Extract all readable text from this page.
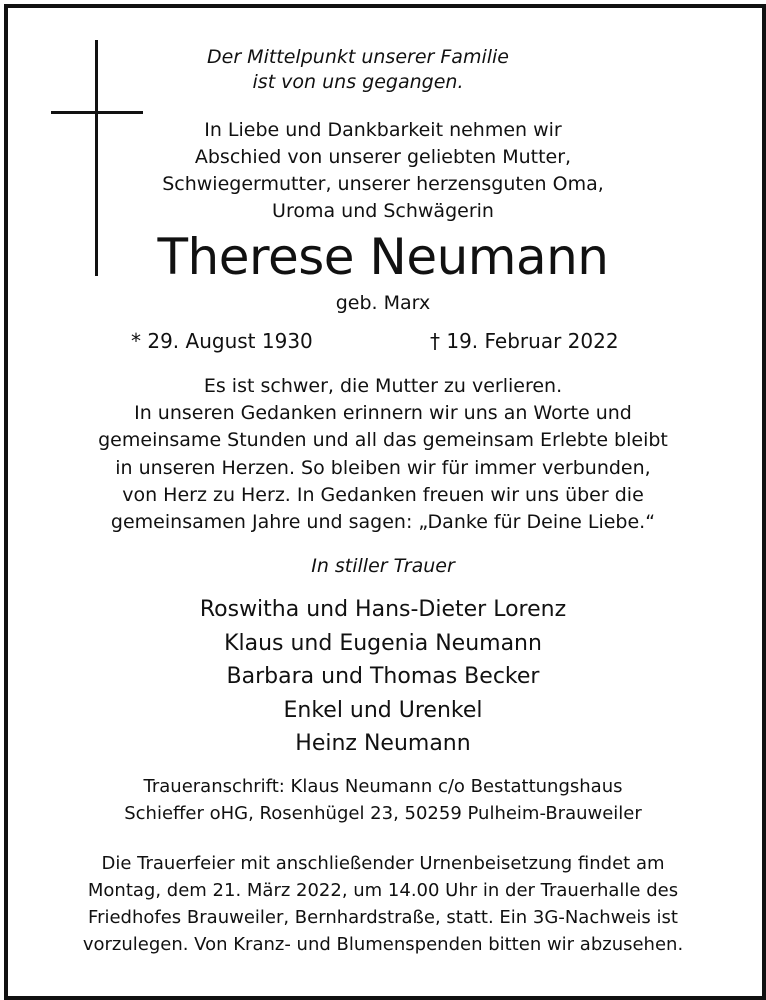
Der Mittelpunkt unserer Familie
ist von uns gegangen.
In Liebe und Dankbarkeit nehmen wir
Abschied von unserer geliebten Mutter,
Schwiegermutter, unserer herzensguten Oma,
Uroma und Schwägerin
Therese Neumann
geb. Marx
* 29. August 1930	† 19. Februar 2022
Es ist schwer, die Mutter zu verlieren.
In unseren Gedanken erinnern wir uns an Worte und
gemeinsame Stunden und all das gemeinsam Erlebte bleibt
in unseren Herzen. So bleiben wir für immer verbunden,
von Herz zu Herz. In Gedanken freuen wir uns über die
gemeinsamen Jahre und sagen: „Danke für Deine Liebe.“
In stiller Trauer
Roswitha und Hans-Dieter Lorenz
Klaus und Eugenia Neumann
Barbara und Thomas Becker
Enkel und Urenkel
Heinz Neumann
Traueranschrift: Klaus Neumann c/o Bestattungshaus
Schieffer oHG, Rosenhügel 23, 50259 Pulheim-Brauweiler
Die Trauerfeier mit anschließender Urnenbeisetzung findet am
Montag, dem 21. März 2022, um 14.00 Uhr in der Trauerhalle des
Friedhofes Brauweiler, Bernhardstraße, statt. Ein 3G-Nachweis ist
vorzulegen. Von Kranz- und Blumenspenden bitten wir abzusehen.
